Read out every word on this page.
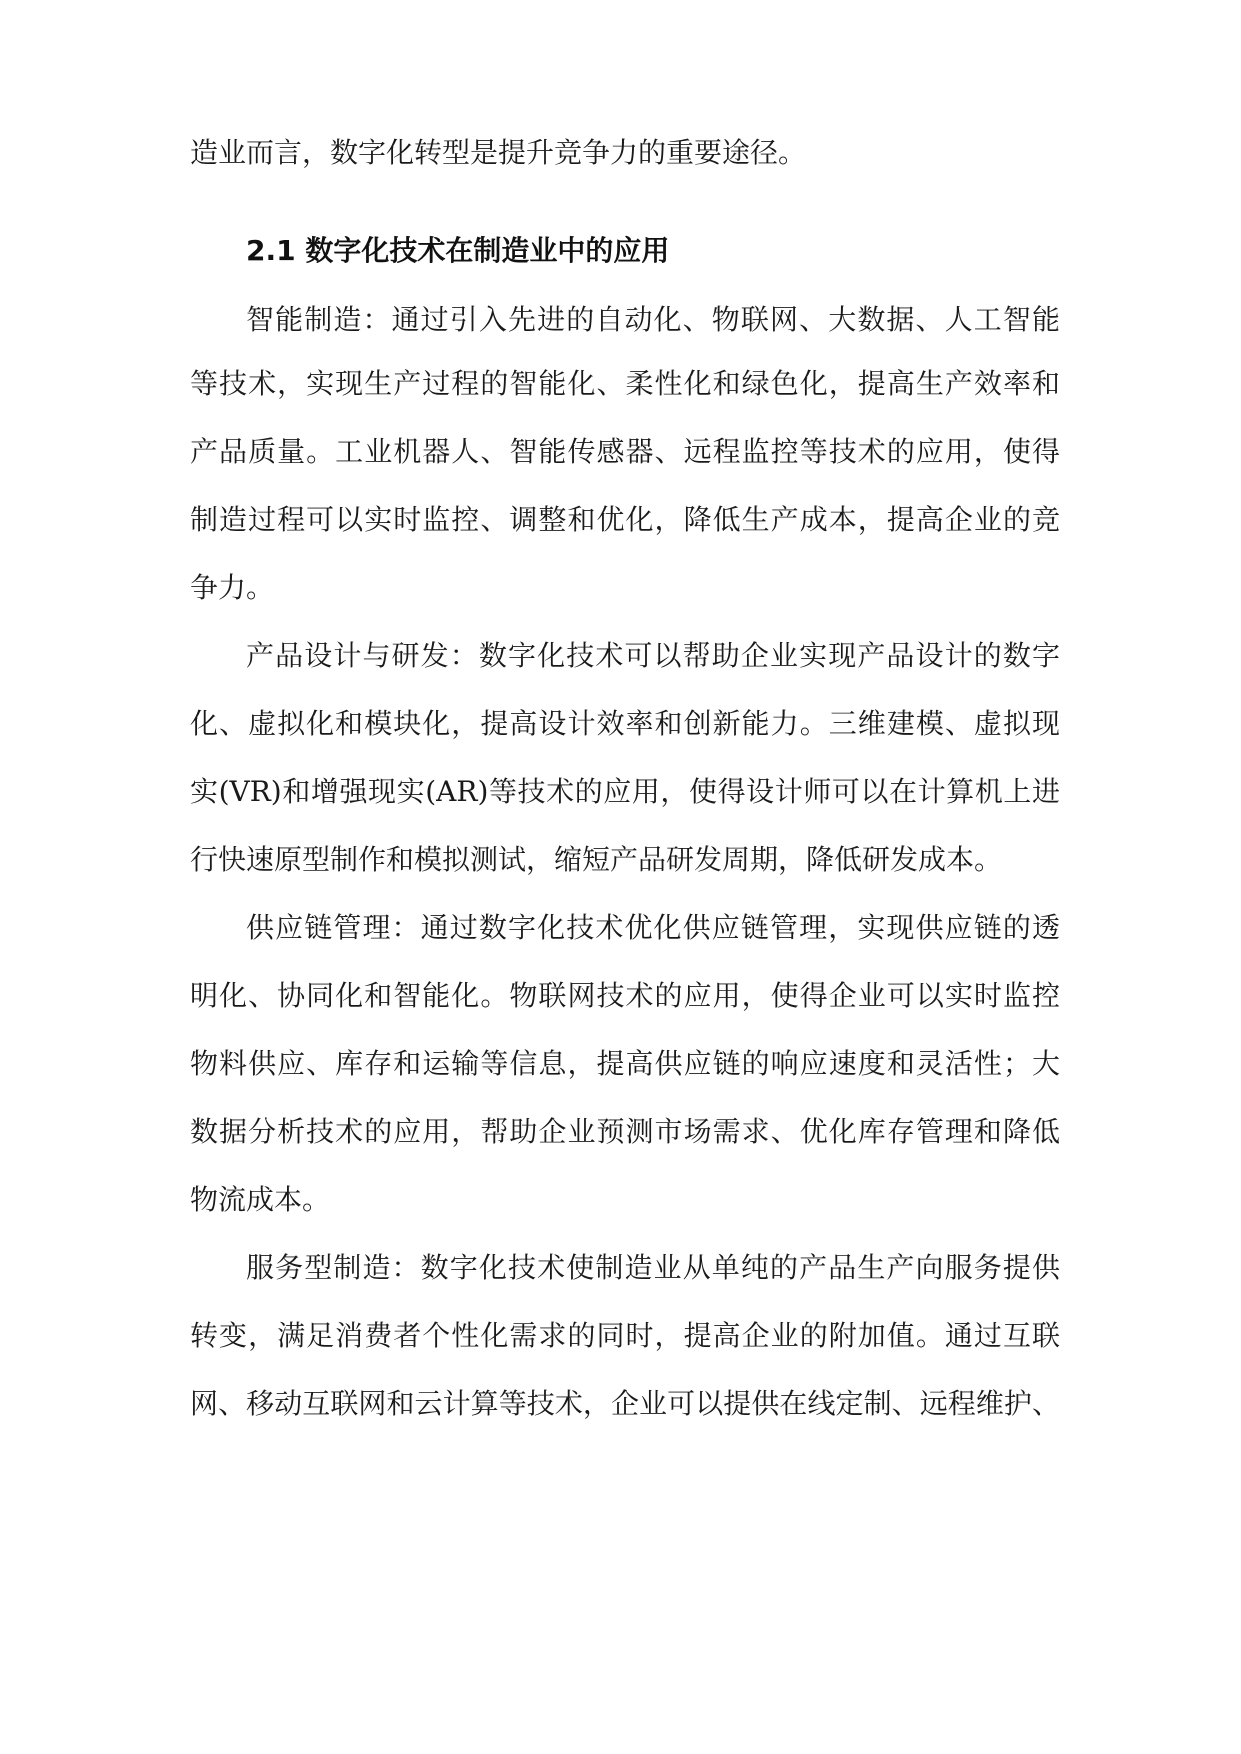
造业而言，数字化转型是提升竞争力的重要途径。
2.1 数字化技术在制造业中的应用
智能制造：通过引入先进的自动化、物联网、大数据、人工智能
等技术，实现生产过程的智能化、柔性化和绿色化，提高生产效率和
产品质量。工业机器人、智能传感器、远程监控等技术的应用，使得
制造过程可以实时监控、调整和优化，降低生产成本，提高企业的竞
争力。
产品设计与研发：数字化技术可以帮助企业实现产品设计的数字
化、虚拟化和模块化，提高设计效率和创新能力。三维建模、虚拟现
实(VR)和增强现实(AR)等技术的应用，使得设计师可以在计算机上进
行快速原型制作和模拟测试，缩短产品研发周期，降低研发成本。
供应链管理：通过数字化技术优化供应链管理，实现供应链的透
明化、协同化和智能化。物联网技术的应用，使得企业可以实时监控
物料供应、库存和运输等信息，提高供应链的响应速度和灵活性；大
数据分析技术的应用，帮助企业预测市场需求、优化库存管理和降低
物流成本。
服务型制造：数字化技术使制造业从单纯的产品生产向服务提供
转变，满足消费者个性化需求的同时，提高企业的附加值。通过互联
网、移动互联网和云计算等技术，企业可以提供在线定制、远程维护、
